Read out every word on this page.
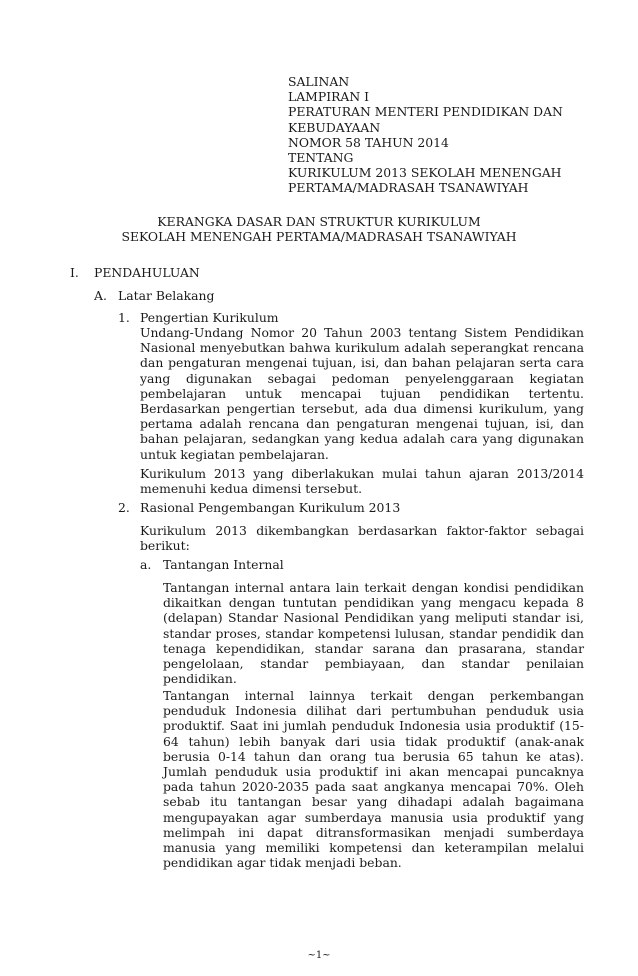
SALINAN
LAMPIRAN I
PERATURAN MENTERI PENDIDIKAN DAN
KEBUDAYAAN
NOMOR 58 TAHUN 2014
TENTANG
KURIKULUM 2013 SEKOLAH MENENGAH
PERTAMA/MADRASAH TSANAWIYAH
KERANGKA DASAR DAN STRUKTUR KURIKULUM
SEKOLAH MENENGAH PERTAMA/MADRASAH TSANAWIYAH
I. PENDAHULUAN
A. Latar Belakang
1. Pengertian Kurikulum
Undang-Undang Nomor 20 Tahun 2003 tentang Sistem Pendidikan Nasional menyebutkan bahwa kurikulum adalah seperangkat rencana dan pengaturan mengenai tujuan, isi, dan bahan pelajaran serta cara yang digunakan sebagai pedoman penyelenggaraan kegiatan pembelajaran untuk mencapai tujuan pendidikan tertentu. Berdasarkan pengertian tersebut, ada dua dimensi kurikulum, yang pertama adalah rencana dan pengaturan mengenai tujuan, isi, dan bahan pelajaran, sedangkan yang kedua adalah cara yang digunakan untuk kegiatan pembelajaran.
Kurikulum 2013 yang diberlakukan mulai tahun ajaran 2013/2014 memenuhi kedua dimensi tersebut.
2. Rasional Pengembangan Kurikulum 2013
Kurikulum 2013 dikembangkan berdasarkan faktor-faktor sebagai berikut:
a. Tantangan Internal
Tantangan internal antara lain terkait dengan kondisi pendidikan dikaitkan dengan tuntutan pendidikan yang mengacu kepada 8 (delapan) Standar Nasional Pendidikan yang meliputi standar isi, standar proses, standar kompetensi lulusan, standar pendidik dan tenaga kependidikan, standar sarana dan prasarana, standar pengelolaan, standar pembiayaan, dan standar penilaian pendidikan.
Tantangan internal lainnya terkait dengan perkembangan penduduk Indonesia dilihat dari pertumbuhan penduduk usia produktif. Saat ini jumlah penduduk Indonesia usia produktif (15-64 tahun) lebih banyak dari usia tidak produktif (anak-anak berusia 0-14 tahun dan orang tua berusia 65 tahun ke atas). Jumlah penduduk usia produktif ini akan mencapai puncaknya pada tahun 2020-2035 pada saat angkanya mencapai 70%. Oleh sebab itu tantangan besar yang dihadapi adalah bagaimana mengupayakan agar sumberdaya manusia usia produktif yang melimpah ini dapat ditransformasikan menjadi sumberdaya manusia yang memiliki kompetensi dan keterampilan melalui pendidikan agar tidak menjadi beban.
~1~
